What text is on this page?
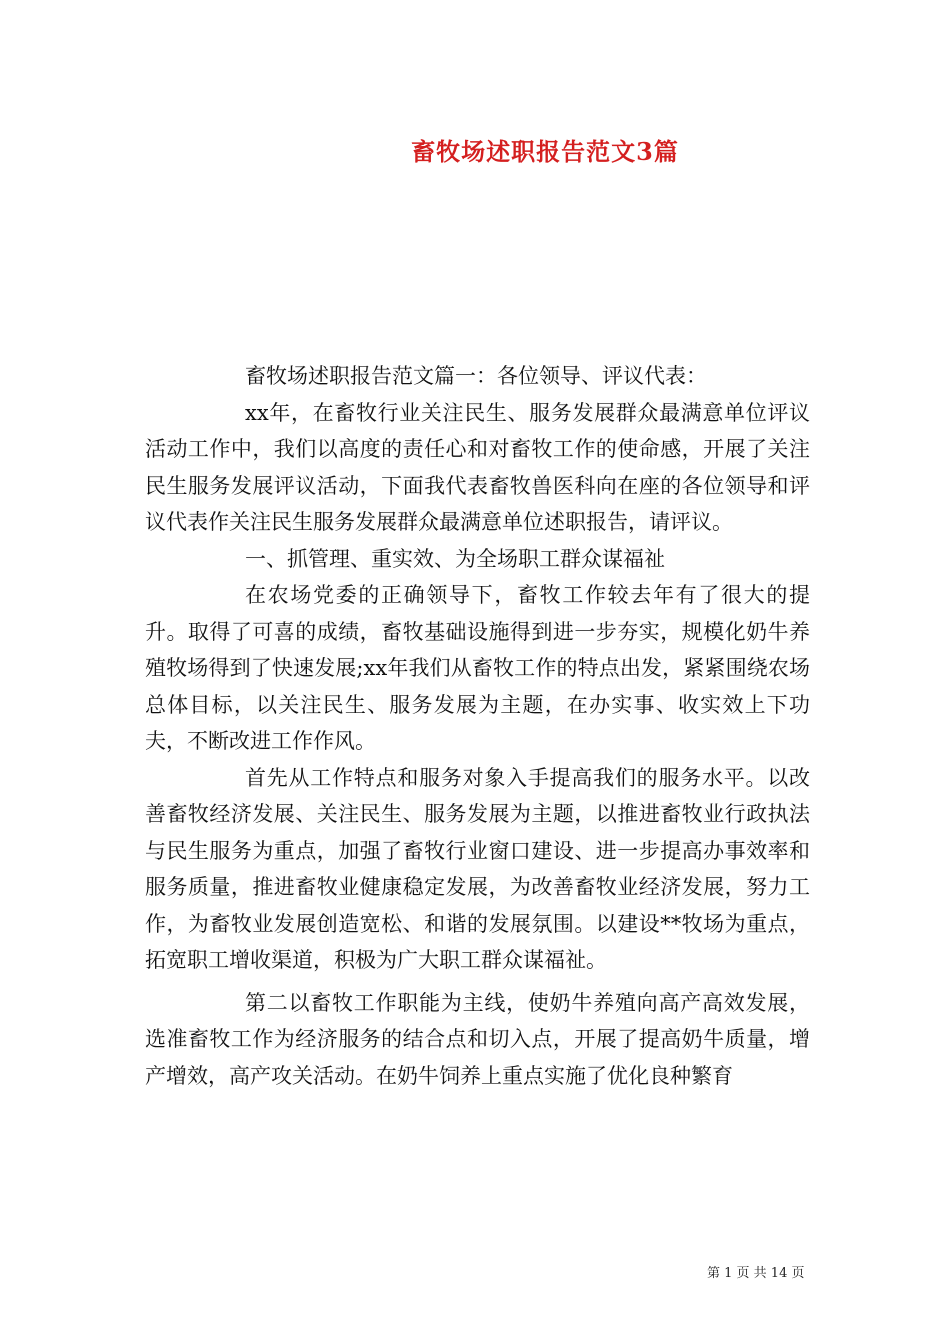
畜牧场述职报告范文3篇

畜牧场述职报告范文篇一：各位领导、评议代表：

xx年，在畜牧行业关注民生、服务发展群众最满意单位评议活动工作中，我们以高度的责任心和对畜牧工作的使命感，开展了关注民生服务发展评议活动，下面我代表畜牧兽医科向在座的各位领导和评议代表作关注民生服务发展群众最满意单位述职报告，请评议。

一、抓管理、重实效、为全场职工群众谋福祉

在农场党委的正确领导下，畜牧工作较去年有了很大的提升。取得了可喜的成绩，畜牧基础设施得到进一步夯实，规模化奶牛养殖牧场得到了快速发展;xx年我们从畜牧工作的特点出发，紧紧围绕农场总体目标，以关注民生、服务发展为主题，在办实事、收实效上下功夫，不断改进工作作风。

首先从工作特点和服务对象入手提高我们的服务水平。以改善畜牧经济发展、关注民生、服务发展为主题，以推进畜牧业行政执法与民生服务为重点，加强了畜牧行业窗口建设、进一步提高办事效率和服务质量，推进畜牧业健康稳定发展，为改善畜牧业经济发展，努力工作，为畜牧业发展创造宽松、和谐的发展氛围。以建设**牧场为重点，拓宽职工增收渠道，积极为广大职工群众谋福祉。

第二以畜牧工作职能为主线，使奶牛养殖向高产高效发展，选准畜牧工作为经济服务的结合点和切入点，开展了提高奶牛质量，增产增效，高产攻关活动。在奶牛饲养上重点实施了优化良种繁育

第 1 页 共 14 页
